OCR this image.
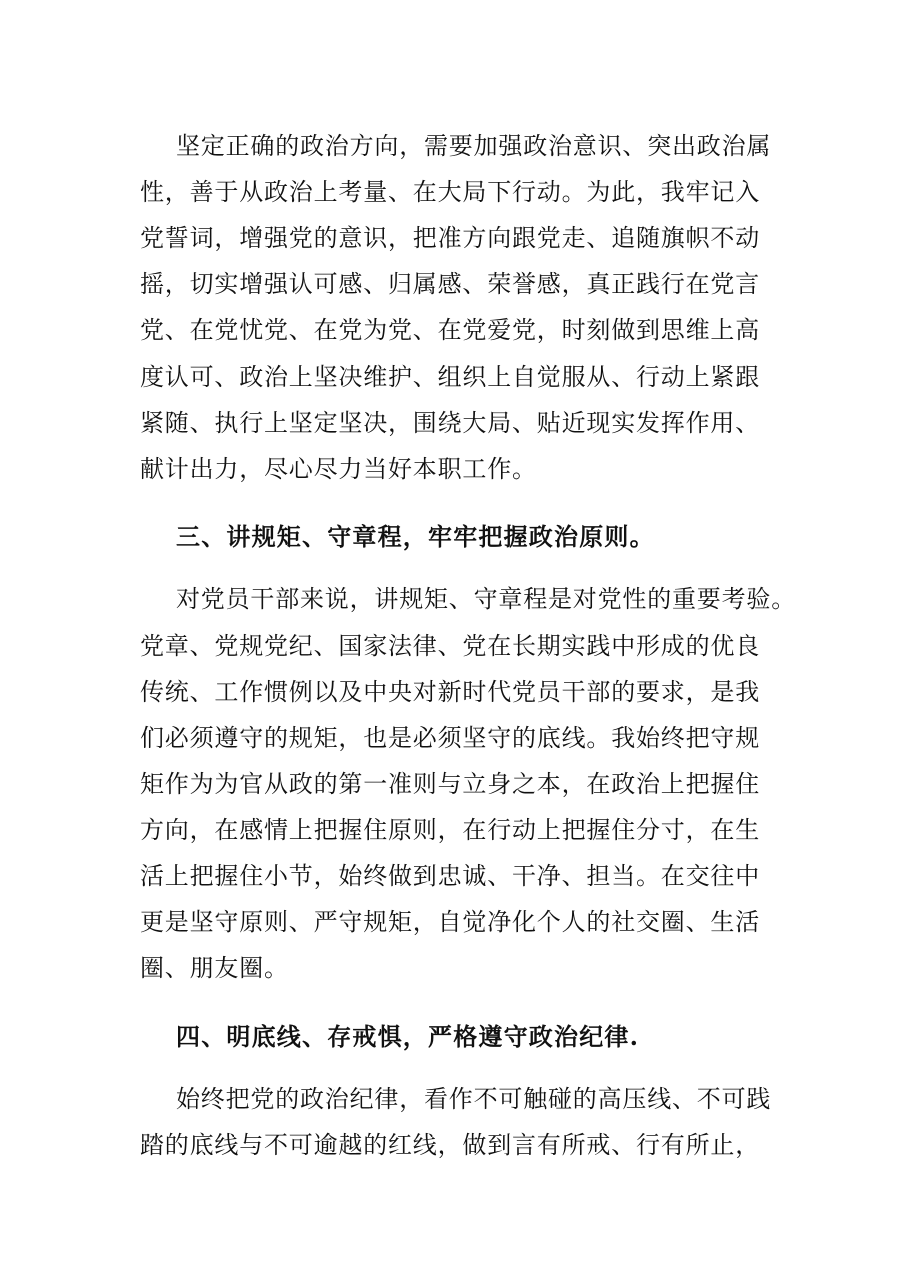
坚定正确的政治方向，需要加强政治意识、突出政治属
性，善于从政治上考量、在大局下行动。为此，我牢记入
党誓词，增强党的意识，把准方向跟党走、追随旗帜不动
摇，切实增强认可感、归属感、荣誉感，真正践行在党言
党、在党忧党、在党为党、在党爱党，时刻做到思维上高
度认可、政治上坚决维护、组织上自觉服从、行动上紧跟
紧随、执行上坚定坚决，围绕大局、贴近现实发挥作用、
献计出力，尽心尽力当好本职工作。
三、讲规矩、守章程，牢牢把握政治原则。
对党员干部来说，讲规矩、守章程是对党性的重要考验。
党章、党规党纪、国家法律、党在长期实践中形成的优良
传统、工作惯例以及中央对新时代党员干部的要求，是我
们必须遵守的规矩，也是必须坚守的底线。我始终把守规
矩作为为官从政的第一准则与立身之本，在政治上把握住
方向，在感情上把握住原则，在行动上把握住分寸，在生
活上把握住小节，始终做到忠诚、干净、担当。在交往中
更是坚守原则、严守规矩，自觉净化个人的社交圈、生活
圈、朋友圈。
四、明底线、存戒惧，严格遵守政治纪律.
始终把党的政治纪律，看作不可触碰的高压线、不可践
踏的底线与不可逾越的红线，做到言有所戒、行有所止，
